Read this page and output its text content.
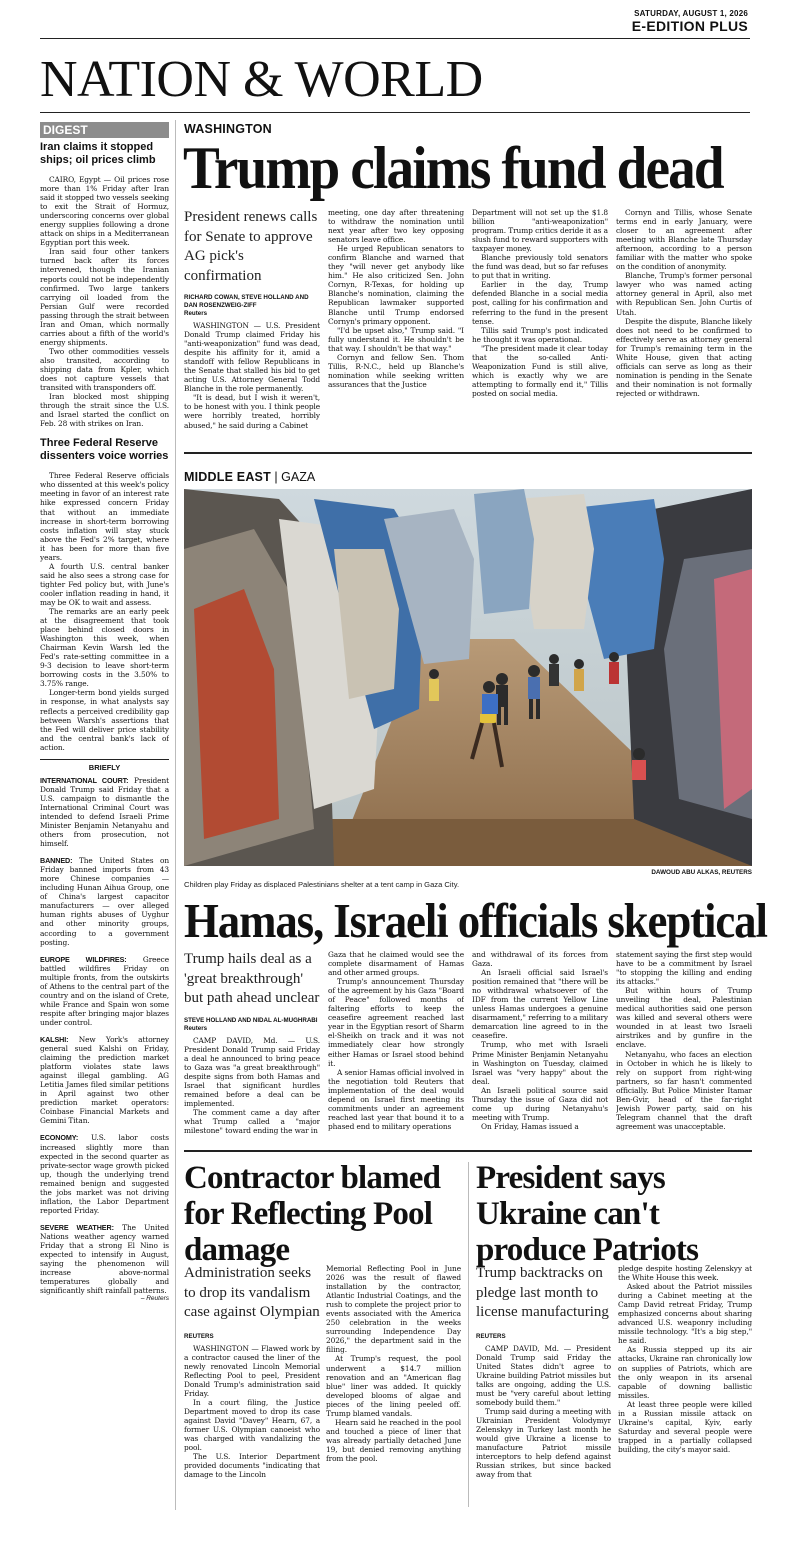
SATURDAY, AUGUST 1, 2026
E-EDITION PLUS
NATION & WORLD
DIGEST
Iran claims it stopped ships; oil prices climb

CAIRO, Egypt — Oil prices rose more than 1% Friday after Iran said it stopped two vessels seeking to exit the Strait of Hormuz, underscoring concerns over global energy supplies following a drone attack on ships in a Mediterranean Egyptian port this week.

Iran said four other tankers turned back after its forces intervened, though the Iranian reports could not be independently confirmed. Two large tankers carrying oil loaded from the Persian Gulf were recorded passing through the strait between Iran and Oman, which normally carries about a fifth of the world's energy shipments.

Two other commodities vessels also transited, according to shipping data from Kpler, which does not capture vessels that transited with transponders off.

Iran blocked most shipping through the strait since the U.S. and Israel started the conflict on Feb. 28 with strikes on Iran.

Three Federal Reserve dissenters voice worries

Three Federal Reserve officials who dissented at this week's policy meeting in favor of an interest rate hike expressed concern Friday that without an immediate increase in short-term borrowing costs inflation will stay stuck above the Fed's 2% target, where it has been for more than five years.

A fourth U.S. central banker said he also sees a strong case for tighter Fed policy but, with June's cooler inflation reading in hand, it may be OK to wait and assess.

The remarks are an early peek at the disagreement that took place behind closed doors in Washington this week, when Chairman Kevin Warsh led the Fed's rate-setting committee in a 9-3 decision to leave short-term borrowing costs in the 3.50% to 3.75% range.

Longer-term bond yields surged in response, in what analysts say reflects a perceived credibility gap between Warsh's assertions that the Fed will deliver price stability and the central bank's lack of action.

BRIEFLY

INTERNATIONAL COURT: President Donald Trump said Friday that a U.S. campaign to dismantle the International Criminal Court was intended to defend Israeli Prime Minister Benjamin Netanyahu and others from prosecution, not himself.

BANNED: The United States on Friday banned imports from 43 more Chinese companies — including Hunan Aihua Group, one of China's largest capacitor manufacturers — over alleged human rights abuses of Uyghur and other minority groups, according to a government posting.

EUROPE WILDFIRES: Greece battled wildfires Friday on multiple fronts, from the outskirts of Athens to the central part of the country and on the island of Crete, while France and Spain won some respite after bringing major blazes under control.

KALSHI: New York's attorney general sued Kalshi on Friday, claiming the prediction market platform violates state laws against illegal gambling. AG Letitia James filed similar petitions in April against two other prediction market operators: Coinbase Financial Markets and Gemini Titan.

ECONOMY: U.S. labor costs increased slightly more than expected in the second quarter as private-sector wage growth picked up, though the underlying trend remained benign and suggested the jobs market was not driving inflation, the Labor Department reported Friday.

SEVERE WEATHER: The United Nations weather agency warned Friday that a strong El Nino is expected to intensify in August, saying the phenomenon will increase above-normal temperatures globally and significantly shift rainfall patterns.

– Reuters
WASHINGTON
Trump claims fund dead
President renews calls for Senate to approve AG pick's confirmation
RICHARD COWAN, STEVE HOLLAND AND DAN ROSENZWEIG-ZIFF
Reuters

WASHINGTON — U.S. President Donald Trump claimed Friday his "anti-weaponization" fund was dead, despite his affinity for it, amid a standoff with fellow Republicans in the Senate that stalled his bid to get acting U.S. Attorney General Todd Blanche in the role permanently.

"It is dead, but I wish it weren't, to be honest with you. I think people were horribly treated, horribly abused," he said during a Cabinet

meeting, one day after threatening to withdraw the nomination until next year after two key opposing senators leave office.

He urged Republican senators to confirm Blanche and warned that they "will never get anybody like him." He also criticized Sen. John Cornyn, R-Texas, for holding up Blanche's nomination, claiming the Republican lawmaker supported Blanche until Trump endorsed Cornyn's primary opponent.

"I'd be upset also," Trump said. "I fully understand it. He shouldn't be that way. I shouldn't be that way."

Cornyn and fellow Sen. Thom Tillis, R-N.C., held up Blanche's nomination while seeking written assurances that the Justice

Department will not set up the $1.8 billion "anti-weaponization" program. Trump critics deride it as a slush fund to reward supporters with taxpayer money.

Blanche previously told senators the fund was dead, but so far refuses to put that in writing.

Earlier in the day, Trump defended Blanche in a social media post, calling for his confirmation and referring to the fund in the present tense.

Tillis said Trump's post indicated he thought it was operational.

"The president made it clear today that the so-called Anti-Weaponization Fund is still alive, which is exactly why we are attempting to formally end it," Tillis posted on social media.

Cornyn and Tillis, whose Senate terms end in early January, were closer to an agreement after meeting with Blanche late Thursday afternoon, according to a person familiar with the matter who spoke on the condition of anonymity.

Blanche, Trump's former personal lawyer who was named acting attorney general in April, also met with Republican Sen. John Curtis of Utah.

Despite the dispute, Blanche likely does not need to be confirmed to effectively serve as attorney general for Trump's remaining term in the White House, given that acting officials can serve as long as their nomination is pending in the Senate and their nomination is not formally rejected or withdrawn.

MIDDLE EAST | GAZA
DAWOUD ABU ALKAS, REUTERS
Children play Friday as displaced Palestinians shelter at a tent camp in Gaza City.
Hamas, Israeli officials skeptical
Trump hails deal as a 'great breakthrough' but path ahead unclear
STEVE HOLLAND AND NIDAL AL-MUGHRABI
Reuters

CAMP DAVID, Md. — U.S. President Donald Trump said Friday a deal he announced to bring peace to Gaza was "a great breakthrough" despite signs from both Hamas and Israel that significant hurdles remained before a deal can be implemented.

The comment came a day after what Trump called a "major milestone" toward ending the war in

Gaza that he claimed would see the complete disarmament of Hamas and other armed groups.

Trump's announcement Thursday of the agreement by his Gaza "Board of Peace" followed months of faltering efforts to keep the ceasefire agreement reached last year in the Egyptian resort of Sharm el-Sheikh on track and it was not immediately clear how strongly either Hamas or Israel stood behind it.

A senior Hamas official involved in the negotiation told Reuters that implementation of the deal would depend on Israel first meeting its commitments under an agreement reached last year that bound it to a phased end to military operations

and withdrawal of its forces from Gaza.

An Israeli official said Israel's position remained that "there will be no withdrawal whatsoever of the IDF from the current Yellow Line unless Hamas undergoes a genuine disarmament," referring to a military demarcation line agreed to in the ceasefire.

Trump, who met with Israeli Prime Minister Benjamin Netanyahu in Washington on Tuesday, claimed Israel was "very happy" about the deal.

An Israeli political source said Thursday the issue of Gaza did not come up during Netanyahu's meeting with Trump.

On Friday, Hamas issued a

statement saying the first step would have to be a commitment by Israel "to stopping the killing and ending its attacks."

But within hours of Trump unveiling the deal, Palestinian medical authorities said one person was killed and several others were wounded in at least two Israeli airstrikes and by gunfire in the enclave.

Netanyahu, who faces an election in October in which he is likely to rely on support from right-wing partners, so far hasn't commented officially. But Police Minister Itamar Ben-Gvir, head of the far-right Jewish Power party, said on his Telegram channel that the draft agreement was unacceptable.

Contractor blamed for Reflecting Pool damage
Administration seeks to drop its vandalism case against Olympian
REUTERS

WASHINGTON — Flawed work by a contractor caused the liner of the newly renovated Lincoln Memorial Reflecting Pool to peel, President Donald Trump's administration said Friday.

In a court filing, the Justice Department moved to drop its case against David "Davey" Hearn, 67, a former U.S. Olympian canoeist who was charged with vandalizing the pool.

The U.S. Interior Department provided documents "indicating that damage to the Lincoln

Memorial Reflecting Pool in June 2026 was the result of flawed installation by the contractor, Atlantic Industrial Coatings, and the rush to complete the project prior to events associated with the America 250 celebration in the weeks surrounding Independence Day 2026," the department said in the filing.

At Trump's request, the pool underwent a $14.7 million renovation and an "American flag blue" liner was added. It quickly developed blooms of algae and pieces of the lining peeled off. Trump blamed vandals.

Hearn said he reached in the pool and touched a piece of liner that was already partially detached June 19, but denied removing anything from the pool.

President says Ukraine can't produce Patriots
Trump backtracks on pledge last month to license manufacturing
REUTERS

CAMP DAVID, Md. — President Donald Trump said Friday the United States didn't agree to Ukraine building Patriot missiles but talks are ongoing, adding the U.S. must be "very careful about letting somebody build them."

Trump said during a meeting with Ukrainian President Volodymyr Zelenskyy in Turkey last month he would give Ukraine a license to manufacture Patriot missile interceptors to help defend against Russian strikes, but since backed away from that

pledge despite hosting Zelenskyy at the White House this week.

Asked about the Patriot missiles during a Cabinet meeting at the Camp David retreat Friday, Trump emphasized concerns about sharing advanced U.S. weaponry including missile technology. "It's a big step," he said.

As Russia stepped up its air attacks, Ukraine ran chronically low on supplies of Patriots, which are the only weapon in its arsenal capable of downing ballistic missiles.

At least three people were killed in a Russian missile attack on Ukraine's capital, Kyiv, early Saturday and several people were trapped in a partially collapsed building, the city's mayor said.
